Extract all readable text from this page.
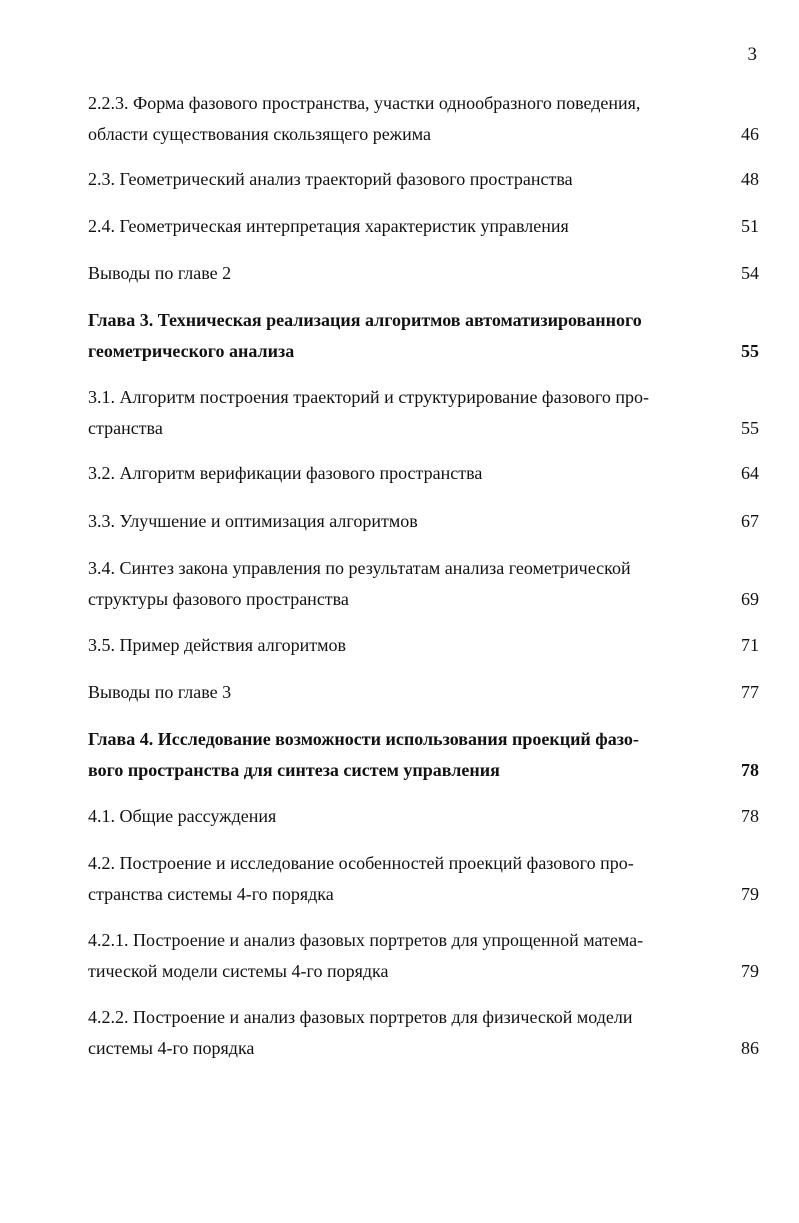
3
2.2.3. Форма фазового пространства, участки однообразного поведения,
области существования скользящего режима	46
2.3. Геометрический анализ траекторий фазового пространства	48
2.4. Геометрическая интерпретация характеристик управления	51
Выводы по главе 2	54
Глава 3. Техническая реализация алгоритмов автоматизированного
геометрического анализа	55
3.1. Алгоритм построения траекторий и структурирование фазового про-
странства	55
3.2. Алгоритм верификации фазового пространства	64
3.3. Улучшение и оптимизация алгоритмов	67
3.4. Синтез закона управления по результатам анализа геометрической
структуры фазового пространства	69
3.5. Пример действия алгоритмов	71
Выводы по главе 3	77
Глава 4. Исследование возможности использования проекций фазо-
вого пространства для синтеза систем управления	78
4.1. Общие рассуждения	78
4.2. Построение и исследование особенностей проекций фазового про-
странства системы 4-го порядка	79
4.2.1. Построение и анализ фазовых портретов для упрощенной матема-
тической модели системы 4-го порядка	79
4.2.2. Построение и анализ фазовых портретов для физической модели
системы 4-го порядка	86
